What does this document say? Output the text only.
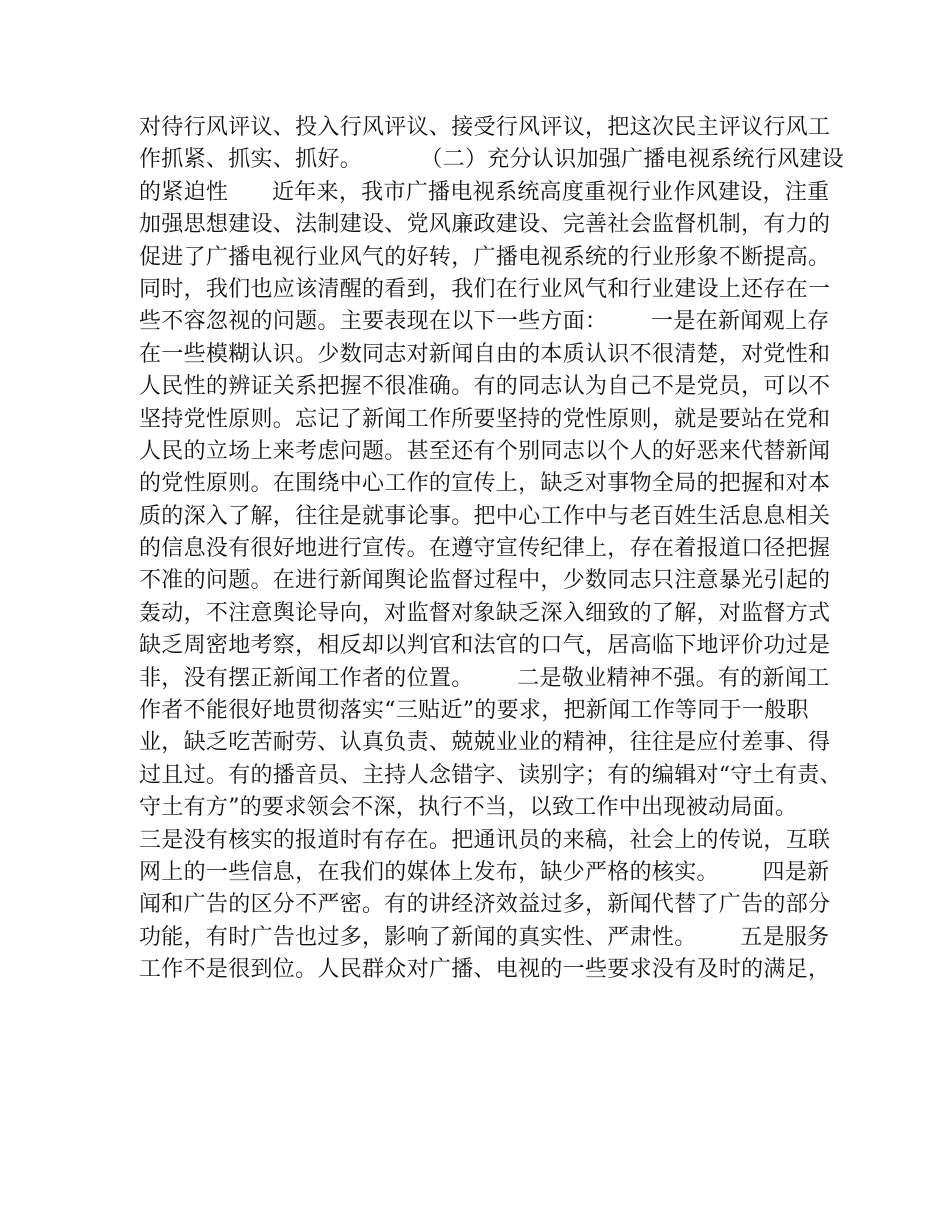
对待行风评议、投入行风评议、接受行风评议，把这次民主评议行风工
作抓紧、抓实、抓好。        （二）充分认识加强广播电视系统行风建设
的紧迫性      近年来，我市广播电视系统高度重视行业作风建设，注重
加强思想建设、法制建设、党风廉政建设、完善社会监督机制，有力的
促进了广播电视行业风气的好转，广播电视系统的行业形象不断提高。
同时，我们也应该清醒的看到，我们在行业风气和行业建设上还存在一
些不容忽视的问题。主要表现在以下一些方面：      一是在新闻观上存
在一些模糊认识。少数同志对新闻自由的本质认识不很清楚，对党性和
人民性的辨证关系把握不很准确。有的同志认为自己不是党员，可以不
坚持党性原则。忘记了新闻工作所要坚持的党性原则，就是要站在党和
人民的立场上来考虑问题。甚至还有个别同志以个人的好恶来代替新闻
的党性原则。在围绕中心工作的宣传上，缺乏对事物全局的把握和对本
质的深入了解，往往是就事论事。把中心工作中与老百姓生活息息相关
的信息没有很好地进行宣传。在遵守宣传纪律上，存在着报道口径把握
不准的问题。在进行新闻舆论监督过程中，少数同志只注意暴光引起的
轰动，不注意舆论导向，对监督对象缺乏深入细致的了解，对监督方式
缺乏周密地考察，相反却以判官和法官的口气，居高临下地评价功过是
非，没有摆正新闻工作者的位置。      二是敬业精神不强。有的新闻工
作者不能很好地贯彻落实“三贴近”的要求，把新闻工作等同于一般职
业，缺乏吃苦耐劳、认真负责、兢兢业业的精神，往往是应付差事、得
过且过。有的播音员、主持人念错字、读别字；有的编辑对“守土有责、
守土有方”的要求领会不深，执行不当，以致工作中出现被动局面。
三是没有核实的报道时有存在。把通讯员的来稿，社会上的传说，互联
网上的一些信息，在我们的媒体上发布，缺少严格的核实。      四是新
闻和广告的区分不严密。有的讲经济效益过多，新闻代替了广告的部分
功能，有时广告也过多，影响了新闻的真实性、严肃性。      五是服务
工作不是很到位。人民群众对广播、电视的一些要求没有及时的满足，
